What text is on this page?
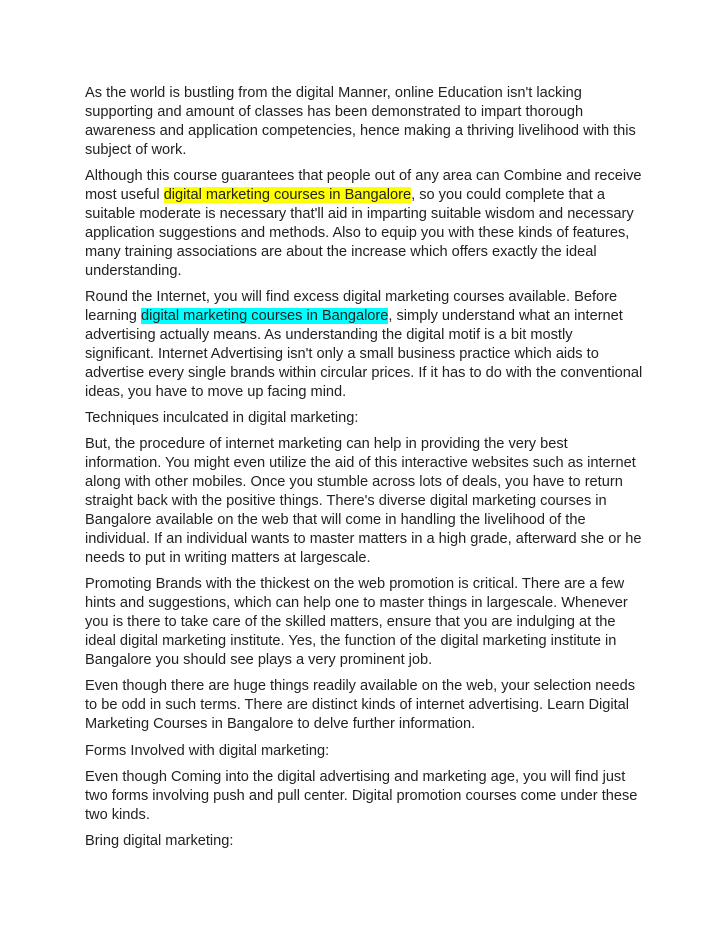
As the world is bustling from the digital Manner, online Education isn't lacking supporting and amount of classes has been demonstrated to impart thorough awareness and application competencies, hence making a thriving livelihood with this subject of work.

Although this course guarantees that people out of any area can Combine and receive most useful digital marketing courses in Bangalore, so you could complete that a suitable moderate is necessary that'll aid in imparting suitable wisdom and necessary application suggestions and methods. Also to equip you with these kinds of features, many training associations are about the increase which offers exactly the ideal understanding.

Round the Internet, you will find excess digital marketing courses available. Before learning digital marketing courses in Bangalore, simply understand what an internet advertising actually means. As understanding the digital motif is a bit mostly significant. Internet Advertising isn't only a small business practice which aids to advertise every single brands within circular prices. If it has to do with the conventional ideas, you have to move up facing mind.

Techniques inculcated in digital marketing:

But, the procedure of internet marketing can help in providing the very best information. You might even utilize the aid of this interactive websites such as internet along with other mobiles. Once you stumble across lots of deals, you have to return straight back with the positive things. There's diverse digital marketing courses in Bangalore available on the web that will come in handling the livelihood of the individual. If an individual wants to master matters in a high grade, afterward she or he needs to put in writing matters at largescale.

Promoting Brands with the thickest on the web promotion is critical. There are a few hints and suggestions, which can help one to master things in largescale. Whenever you is there to take care of the skilled matters, ensure that you are indulging at the ideal digital marketing institute. Yes, the function of the digital marketing institute in Bangalore you should see plays a very prominent job.

Even though there are huge things readily available on the web, your selection needs to be odd in such terms. There are distinct kinds of internet advertising. Learn Digital Marketing Courses in Bangalore to delve further information.

Forms Involved with digital marketing:

Even though Coming into the digital advertising and marketing age, you will find just two forms involving push and pull center. Digital promotion courses come under these two kinds.

Bring digital marketing:
